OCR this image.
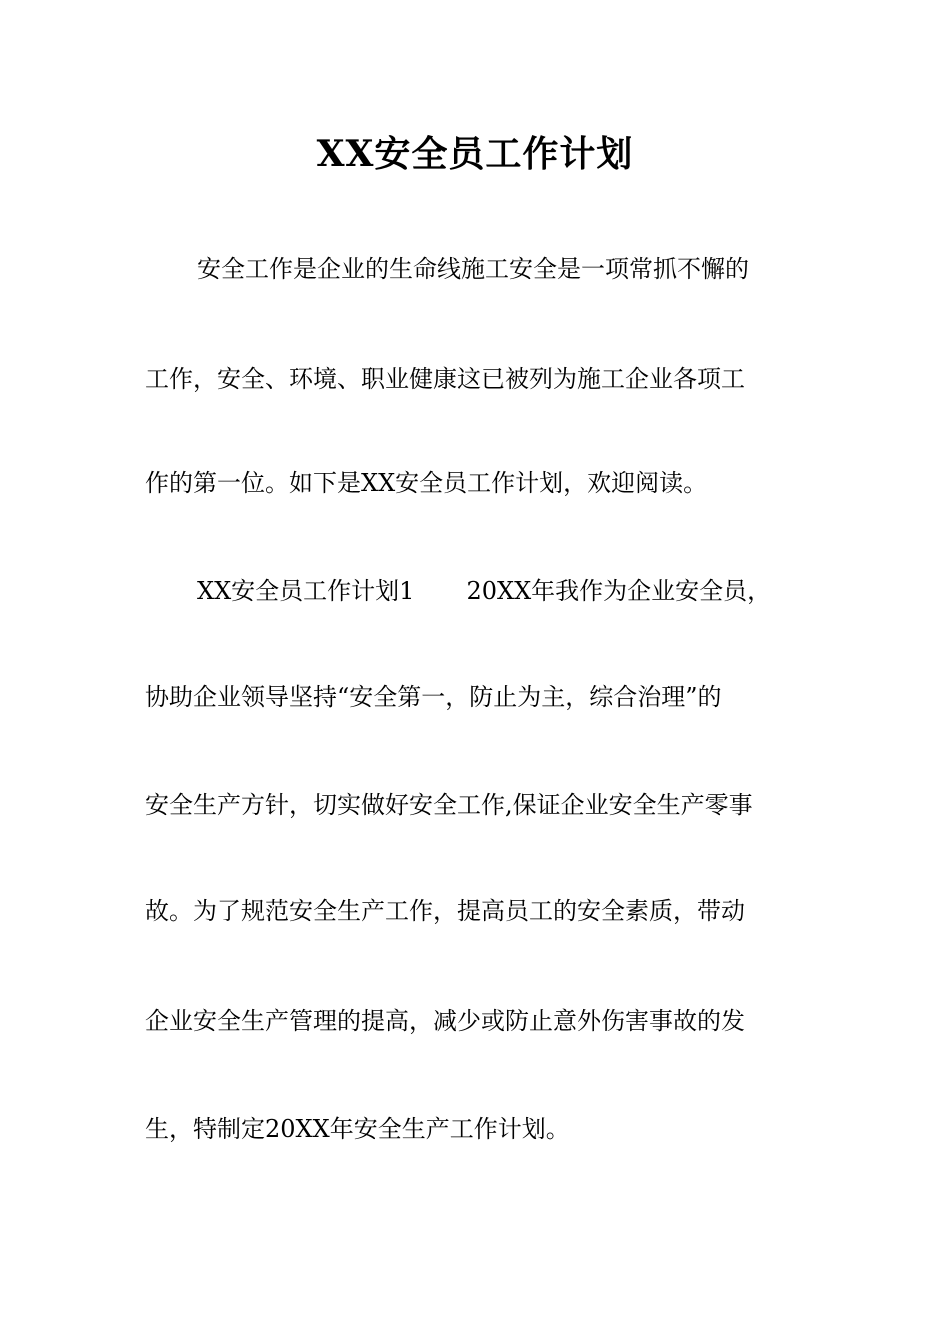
XX安全员工作计划
安全工作是企业的生命线施工安全是一项常抓不懈的
工作，安全、环境、职业健康这已被列为施工企业各项工
作的第一位。如下是XX安全员工作计划，欢迎阅读。
XX安全员工作计划1 20XX年我作为企业安全员，
协助企业领导坚持“安全第一，防止为主，综合治理”的
安全生产方针，切实做好安全工作,保证企业安全生产零事
故。为了规范安全生产工作，提高员工的安全素质，带动
企业安全生产管理的提高，减少或防止意外伤害事故的发
生，特制定20XX年安全生产工作计划。
